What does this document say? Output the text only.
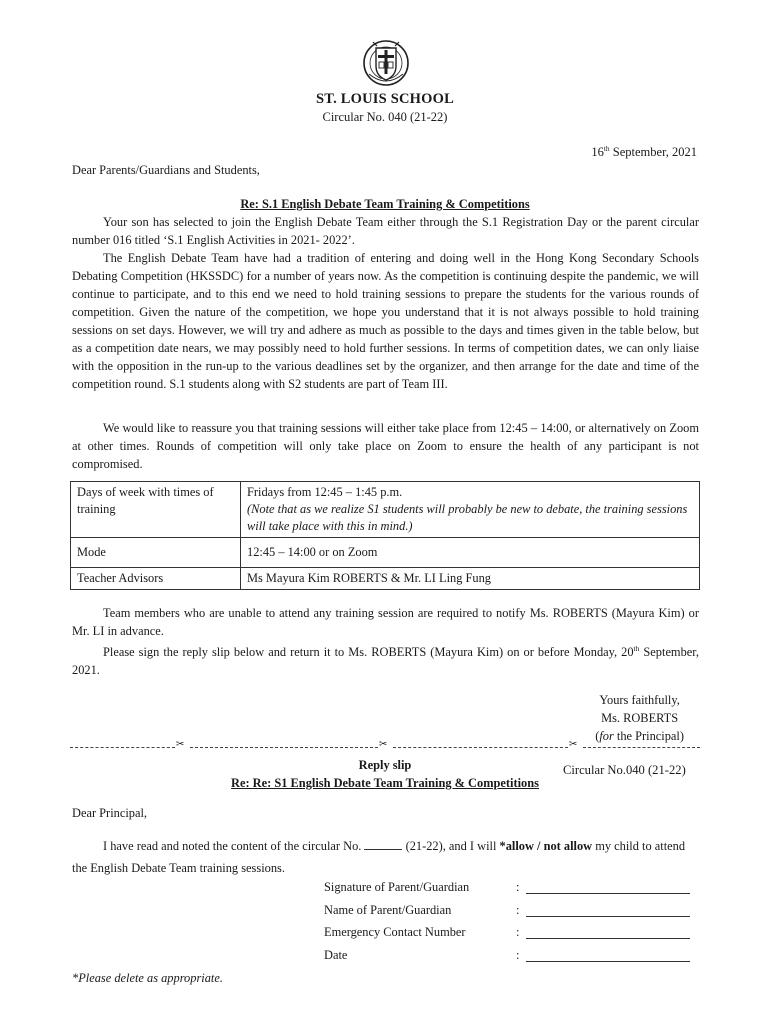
ST. LOUIS SCHOOL
Circular No. 040 (21-22)
16th September, 2021
Dear Parents/Guardians and Students,
Re: S.1 English Debate Team Training & Competitions

Your son has selected to join the English Debate Team either through the S.1 Registration Day or the parent circular number 016 titled ‘S.1 English Activities in 2021- 2022’.

The English Debate Team have had a tradition of entering and doing well in the Hong Kong Secondary Schools Debating Competition (HKSSDC) for a number of years now. As the competition is continuing despite the pandemic, we will continue to participate, and to this end we need to hold training sessions to prepare the students for the various rounds of competition. Given the nature of the competition, we hope you understand that it is not always possible to hold training sessions on set days. However, we will try and adhere as much as possible to the days and times given in the table below, but as a competition date nears, we may possibly need to hold further sessions. In terms of competition dates, we can only liaise with the opposition in the run-up to the various deadlines set by the organizer, and then arrange for the date and time of the competition round. S.1 students along with S2 students are part of Team III.

We would like to reassure you that training sessions will either take place from 12:45 – 14:00, or alternatively on Zoom at other times. Rounds of competition will only take place on Zoom to ensure the health of any participant is not compromised.

Days of week with times of training	Fridays from 12:45 – 1:45 p.m.
(Note that as we realize S1 students will probably be new to debate, the training sessions will take place with this in mind.)

Mode	12:45 – 14:00 or on Zoom
Teacher Advisors	Ms Mayura Kim ROBERTS & Mr. LI Ling Fung

Team members who are unable to attend any training session are required to notify Ms. ROBERTS (Mayura Kim) or Mr. LI in advance.

Please sign the reply slip below and return it to Ms. ROBERTS (Mayura Kim) on or before Monday, 20th September, 2021.

Yours faithfully,
Ms. ROBERTS
(for the Principal)
✂	✂	✂
Reply slip	Circular No.040 (21-22)
Re: Re: S1 English Debate Team Training & Competitions
Dear Principal,
I have read and noted the content of the circular No.	(21-22), and I will *allow / not allow my child to attend the English Debate Team training sessions.
Signature of Parent/Guardian	:
Name of Parent/Guardian	:
Emergency Contact Number	:
Date	:
*Please delete as appropriate.
